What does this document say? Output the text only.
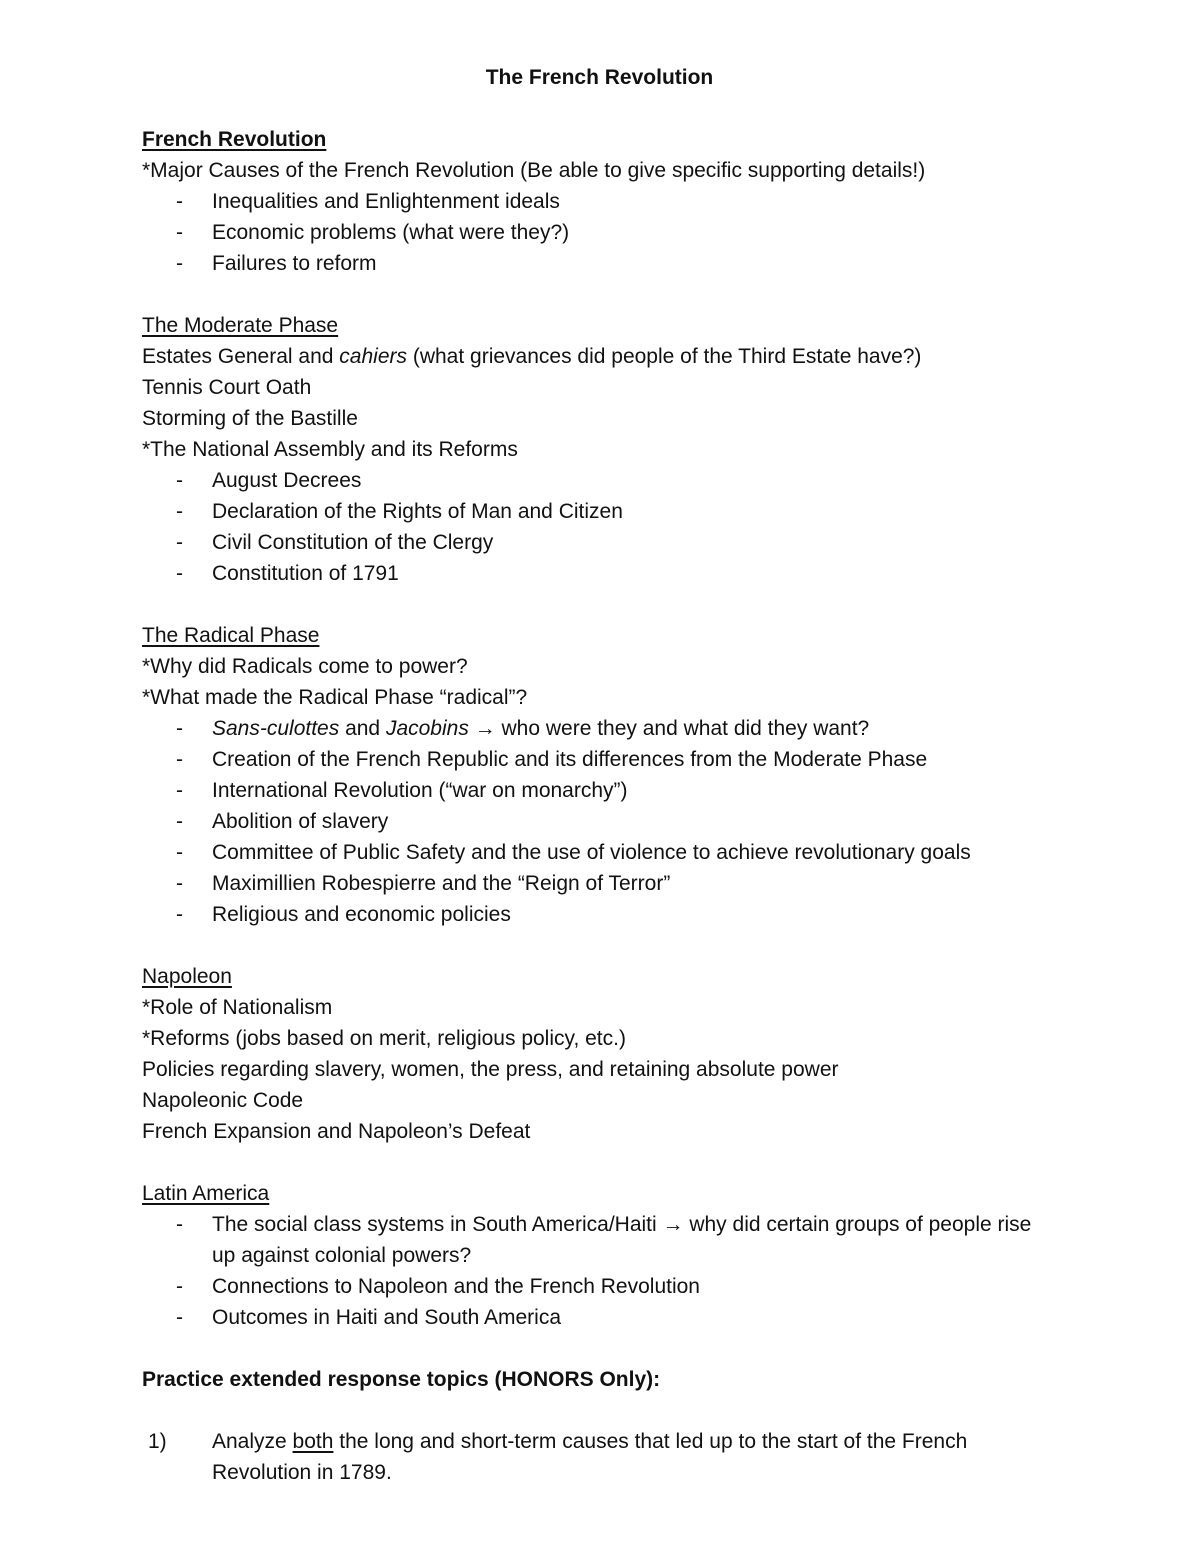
The French Revolution
French Revolution
*Major Causes of the French Revolution (Be able to give specific supporting details!)
- Inequalities and Enlightenment ideals
- Economic problems (what were they?)
- Failures to reform
The Moderate Phase
Estates General and cahiers (what grievances did people of the Third Estate have?)
Tennis Court Oath
Storming of the Bastille
*The National Assembly and its Reforms
- August Decrees
- Declaration of the Rights of Man and Citizen
- Civil Constitution of the Clergy
- Constitution of 1791
The Radical Phase
*Why did Radicals come to power?
*What made the Radical Phase “radical”?
- Sans-culottes and Jacobins → who were they and what did they want?
- Creation of the French Republic and its differences from the Moderate Phase
- International Revolution (“war on monarchy”)
- Abolition of slavery
- Committee of Public Safety and the use of violence to achieve revolutionary goals
- Maximillien Robespierre and the “Reign of Terror”
- Religious and economic policies
Napoleon
*Role of Nationalism
*Reforms (jobs based on merit, religious policy, etc.)
Policies regarding slavery, women, the press, and retaining absolute power
Napoleonic Code
French Expansion and Napoleon’s Defeat
Latin America
- The social class systems in South America/Haiti → why did certain groups of people rise up against colonial powers?
- Connections to Napoleon and the French Revolution
- Outcomes in Haiti and South America
Practice extended response topics (HONORS Only):
1) Analyze both the long and short-term causes that led up to the start of the French Revolution in 1789.
